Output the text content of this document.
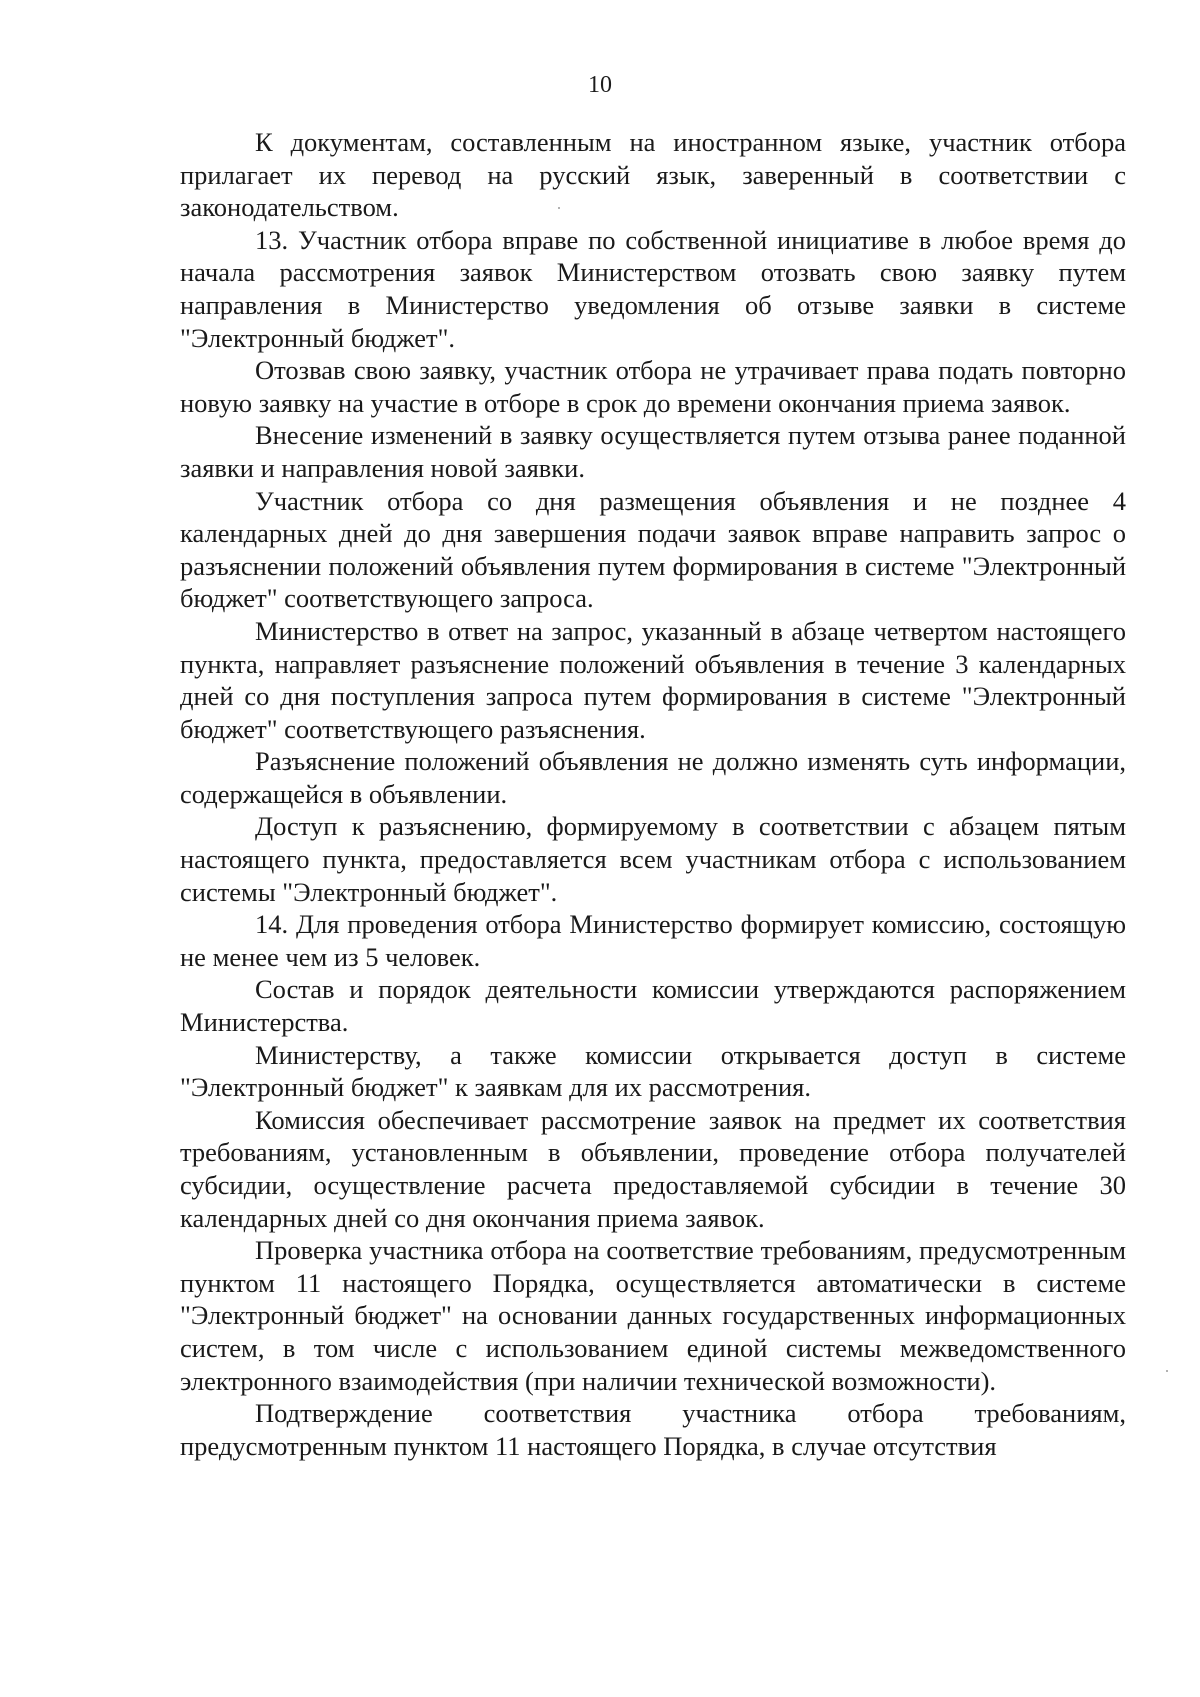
10

К документам, составленным на иностранном языке, участник отбора прилагает их перевод на русский язык, заверенный в соответствии с законодательством.

13. Участник отбора вправе по собственной инициативе в любое время до начала рассмотрения заявок Министерством отозвать свою заявку путем направления в Министерство уведомления об отзыве заявки в системе "Электронный бюджет".

Отозвав свою заявку, участник отбора не утрачивает права подать повторно новую заявку на участие в отборе в срок до времени окончания приема заявок.

Внесение изменений в заявку осуществляется путем отзыва ранее поданной заявки и направления новой заявки.

Участник отбора со дня размещения объявления и не позднее 4 календарных дней до дня завершения подачи заявок вправе направить запрос о разъяснении положений объявления путем формирования в системе "Электронный бюджет" соответствующего запроса.

Министерство в ответ на запрос, указанный в абзаце четвертом настоящего пункта, направляет разъяснение положений объявления в течение 3 календарных дней со дня поступления запроса путем формирования в системе "Электронный бюджет" соответствующего разъяснения.

Разъяснение положений объявления не должно изменять суть информации, содержащейся в объявлении.

Доступ к разъяснению, формируемому в соответствии с абзацем пятым настоящего пункта, предоставляется всем участникам отбора с использованием системы "Электронный бюджет".

14. Для проведения отбора Министерство формирует комиссию, состоящую не менее чем из 5 человек.

Состав и порядок деятельности комиссии утверждаются распоряжением Министерства.

Министерству, а также комиссии открывается доступ в системе "Электронный бюджет" к заявкам для их рассмотрения.

Комиссия обеспечивает рассмотрение заявок на предмет их соответствия требованиям, установленным в объявлении, проведение отбора получателей субсидии, осуществление расчета предоставляемой субсидии в течение 30 календарных дней со дня окончания приема заявок.

Проверка участника отбора на соответствие требованиям, предусмотренным пунктом 11 настоящего Порядка, осуществляется автоматически в системе "Электронный бюджет" на основании данных государственных информационных систем, в том числе с использованием единой системы межведомственного электронного взаимодействия (при наличии технической возможности).

Подтверждение соответствия участника отбора требованиям, предусмотренным пунктом 11 настоящего Порядка, в случае отсутствия
